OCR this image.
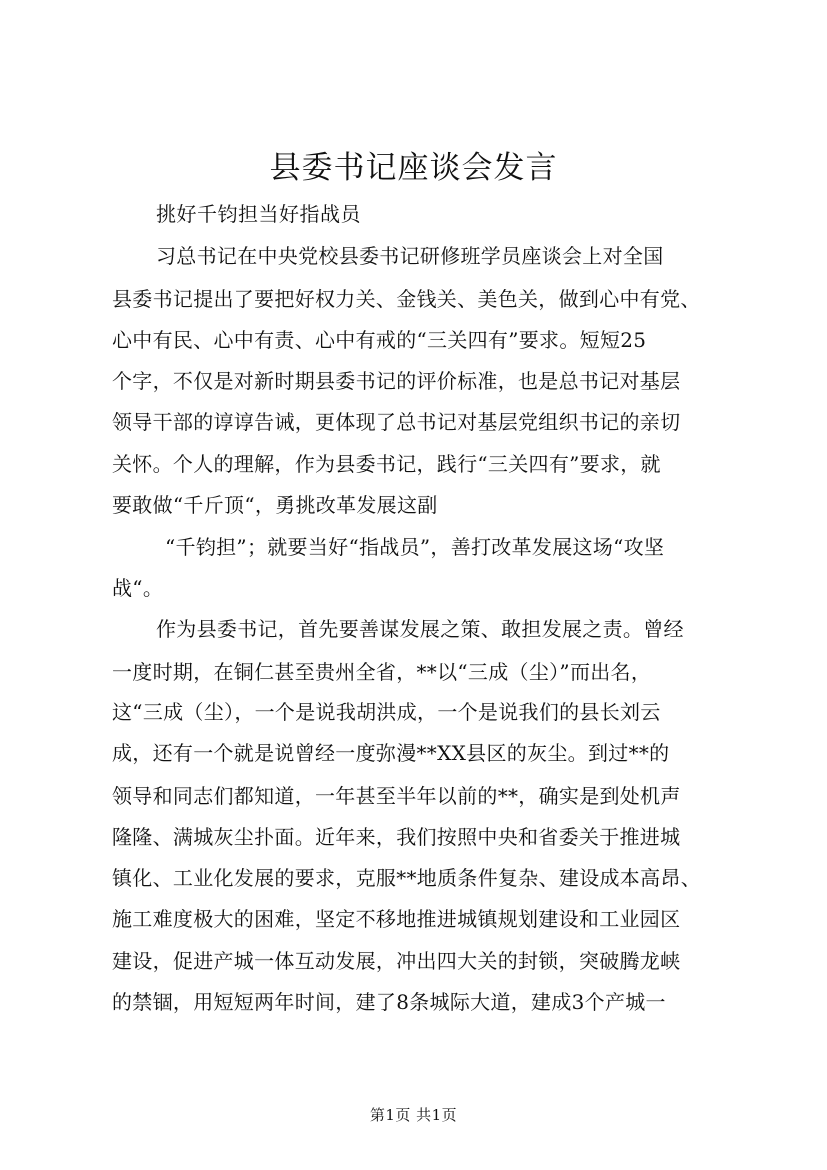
县委书记座谈会发言
挑好千钧担当好指战员
习总书记在中央党校县委书记研修班学员座谈会上对全国
县委书记提出了要把好权力关、金钱关、美色关，做到心中有党、
心中有民、心中有责、心中有戒的“三关四有”要求。短短25
个字，不仅是对新时期县委书记的评价标准，也是总书记对基层
领导干部的谆谆告诫，更体现了总书记对基层党组织书记的亲切
关怀。个人的理解，作为县委书记，践行“三关四有”要求，就
要敢做“千斤顶“，勇挑改革发展这副
“千钧担”；就要当好“指战员”，善打改革发展这场“攻坚
战“。
作为县委书记，首先要善谋发展之策、敢担发展之责。曾经
一度时期，在铜仁甚至贵州全省，**以“三成（尘）”而出名，
这“三成（尘），一个是说我胡洪成，一个是说我们的县长刘云
成，还有一个就是说曾经一度弥漫**XX县区的灰尘。到过**的
领导和同志们都知道，一年甚至半年以前的**，确实是到处机声
隆隆、满城灰尘扑面。近年来，我们按照中央和省委关于推进城
镇化、工业化发展的要求，克服**地质条件复杂、建设成本高昂、
施工难度极大的困难，坚定不移地推进城镇规划建设和工业园区
建设，促进产城一体互动发展，冲出四大关的封锁，突破腾龙峡
的禁锢，用短短两年时间，建了8条城际大道，建成3个产城一
第1页 共1页
